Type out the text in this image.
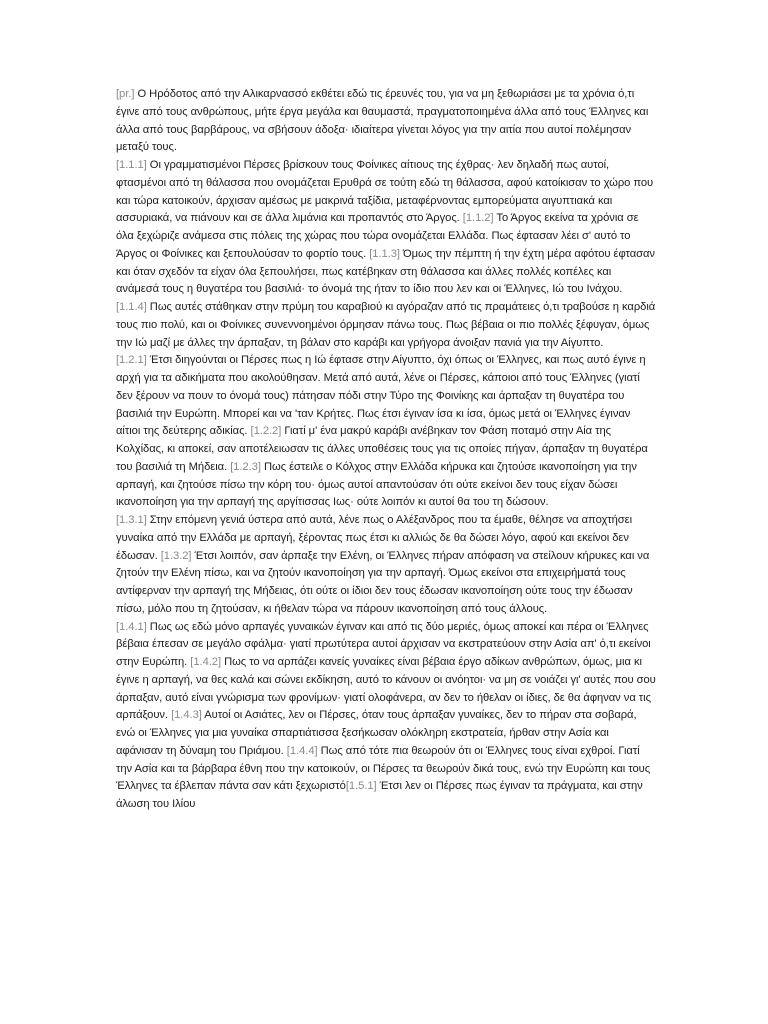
[pr.] Ο Ηρόδοτος από την Αλικαρνασσό εκθέτει εδώ τις έρευνές του, για να μη ξεθωριάσει με τα χρόνια ό,τι έγινε από τους ανθρώπους, μήτε έργα μεγάλα και θαυμαστά, πραγματοποιημένα άλλα από τους Έλληνες και άλλα από τους βαρβάρους, να σβήσουν άδοξα· ιδιαίτερα γίνεται λόγος για την αιτία που αυτοί πολέμησαν μεταξύ τους.

[1.1.1] Οι γραμματισμένοι Πέρσες βρίσκουν τους Φοίνικες αίτιους της έχθρας· λεν δηλαδή πως αυτοί, φτασμένοι από τη θάλασσα που ονομάζεται Ερυθρά σε τούτη εδώ τη θάλασσα, αφού κατοίκισαν το χώρο που και τώρα κατοικούν, άρχισαν αμέσως με μακρινά ταξίδια, μεταφέρνοντας εμπορεύματα αιγυπτιακά και ασσυριακά, να πιάνουν και σε άλλα λιμάνια και προπαντός στο Άργος. [1.1.2] Το Άργος εκείνα τα χρόνια σε όλα ξεχώριζε ανάμεσα στις πόλεις της χώρας που τώρα ονομάζεται Ελλάδα. Πως έφτασαν λέει σ' αυτό το Άργος οι Φοίνικες και ξεπουλούσαν το φορτίο τους. [1.1.3] Όμως την πέμπτη ή την έχτη μέρα αφότου έφτασαν και όταν σχεδόν τα είχαν όλα ξεπουλήσει, πως κατέβηκαν στη θάλασσα και άλλες πολλές κοπέλες και ανάμεσά τους η θυγατέρα του βασιλιά· το όνομά της ήταν το ίδιο που λεν και οι Έλληνες, Ιώ του Ινάχου. [1.1.4] Πως αυτές στάθηκαν στην πρύμη του καραβιού κι αγόραζαν από τις πραμάτειες ό,τι τραβούσε η καρδιά τους πιο πολύ, και οι Φοίνικες συνεννοημένοι όρμησαν πάνω τους. Πως βέβαια οι πιο πολλές ξέφυγαν, όμως την Ιώ μαζί με άλλες την άρπαξαν, τη βάλαν στο καράβι και γρήγορα άνοιξαν πανιά για την Αίγυπτο.

[1.2.1] Έτσι διηγούνται οι Πέρσες πως η Ιώ έφτασε στην Αίγυπτο, όχι όπως οι Έλληνες, και πως αυτό έγινε η αρχή για τα αδικήματα που ακολούθησαν. Μετά από αυτά, λένε οι Πέρσες, κάποιοι από τους Έλληνες (γιατί δεν ξέρουν να πουν το όνομά τους) πάτησαν πόδι στην Τύρο της Φοινίκης και άρπαξαν τη θυγατέρα του βασιλιά την Ευρώπη. Μπορεί και να 'ταν Κρήτες. Πως έτσι έγιναν ίσα κι ίσα, όμως μετά οι Έλληνες έγιναν αίτιοι της δεύτερης αδικίας. [1.2.2] Γιατί μ' ένα μακρύ καράβι ανέβηκαν τον Φάση ποταμό στην Αία της Κολχίδας, κι αποκεί, σαν αποτέλειωσαν τις άλλες υποθέσεις τους για τις οποίες πήγαν, άρπαξαν τη θυγατέρα του βασιλιά τη Μήδεια. [1.2.3] Πως έστειλε ο Κόλχος στην Ελλάδα κήρυκα και ζητούσε ικανοποίηση για την αρπαγή, και ζητούσε πίσω την κόρη του· όμως αυτοί απαντούσαν ότι ούτε εκείνοι δεν τους είχαν δώσει ικανοποίηση για την αρπαγή της αργίτισσας Ιως· ούτε λοιπόν κι αυτοί θα του τη δώσουν.

[1.3.1] Στην επόμενη γενιά ύστερα από αυτά, λένε πως ο Αλέξανδρος που τα έμαθε, θέλησε να αποχτήσει γυναίκα από την Ελλάδα με αρπαγή, ξέροντας πως έτσι κι αλλιώς δε θα δώσει λόγο, αφού και εκείνοι δεν έδωσαν. [1.3.2] Έτσι λοιπόν, σαν άρπαξε την Ελένη, οι Έλληνες πήραν απόφαση να στείλουν κήρυκες και να ζητούν την Ελένη πίσω, και να ζητούν ικανοποίηση για την αρπαγή. Όμως εκείνοι στα επιχειρήματά τους αντίφερναν την αρπαγή της Μήδειας, ότι ούτε οι ίδιοι δεν τους έδωσαν ικανοποίηση ούτε τους την έδωσαν πίσω, μόλο που τη ζητούσαν, κι ήθελαν τώρα να πάρουν ικανοποίηση από τους άλλους.

[1.4.1] Πως ως εδώ μόνο αρπαγές γυναικών έγιναν και από τις δύο μεριές, όμως αποκεί και πέρα οι Έλληνες βέβαια έπεσαν σε μεγάλο σφάλμα· γιατί πρωτύτερα αυτοί άρχισαν να εκστρατεύουν στην Ασία απ' ό,τι εκείνοι στην Ευρώπη. [1.4.2] Πως το να αρπάζει κανείς γυναίκες είναι βέβαια έργο αδίκων ανθρώπων, όμως, μια κι έγινε η αρπαγή, να θες καλά και σώνει εκδίκηση, αυτό το κάνουν οι ανόητοι· να μη σε νοιάζει γι' αυτές που σου άρπαξαν, αυτό είναι γνώρισμα των φρονίμων· γιατί ολοφάνερα, αν δεν το ήθελαν οι ίδιες, δε θα άφηναν να τις αρπάξουν. [1.4.3] Αυτοί οι Ασιάτες, λεν οι Πέρσες, όταν τους άρπαξαν γυναίκες, δεν το πήραν στα σοβαρά, ενώ οι Έλληνες για μια γυναίκα σπαρτιάτισσα ξεσήκωσαν ολόκληρη εκστρατεία, ήρθαν στην Ασία και αφάνισαν τη δύναμη του Πριάμου. [1.4.4] Πως από τότε πια θεωρούν ότι οι Έλληνες τους είναι εχθροί. Γιατί την Ασία και τα βάρβαρα έθνη που την κατοικούν, οι Πέρσες τα θεωρούν δικά τους, ενώ την Ευρώπη και τους Έλληνες τα έβλεπαν πάντα σαν κάτι ξεχωριστό[1.5.1] Έτσι λεν οι Πέρσες πως έγιναν τα πράγματα, και στην άλωση του Ιλίου
